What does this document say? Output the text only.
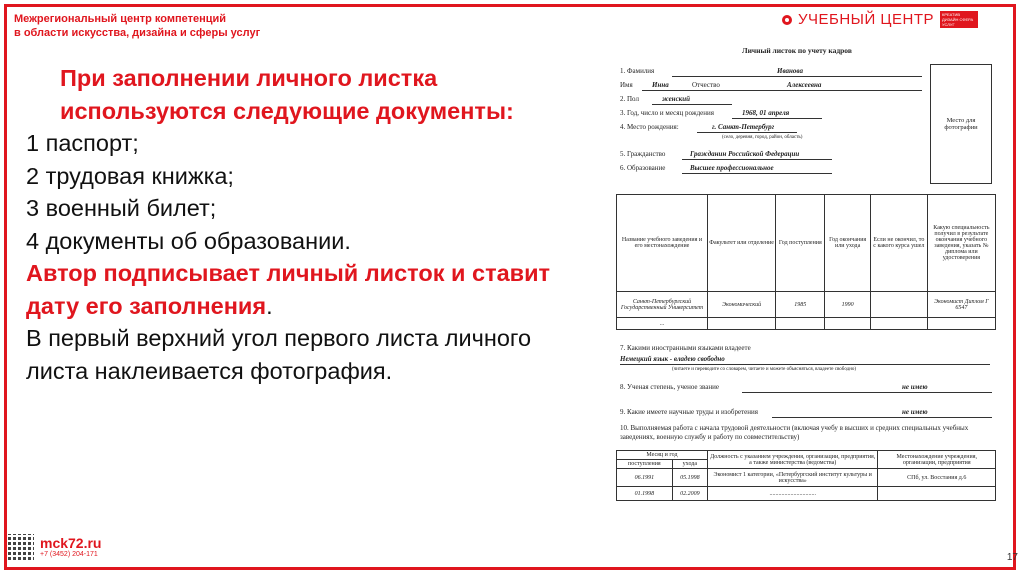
Межрегиональный центр компетенций
в области искусства, дизайна и сферы услуг
УЧЕБНЫЙ ЦЕНТР	КРЕАТИВ ДИЗАЙН СФЕРА УСЛУГ
При заполнении личного листка используются следующие документы:
1 паспорт;
2 трудовая книжка;
3 военный билет;
4 документы об образовании.
Автор подписывает личный листок и ставит дату его заполнения.
В первый верхний угол первого листа личного листа наклеивается фотография.
Личный листок по учету кадров
1. Фамилия	Иванова
Имя	Инна	Отчество	Алексеевна
2. Пол	женский
3. Год, число и месяц рождения	1968, 01 апреля
4. Место рождения:	г. Санкт-Петербург
(село, деревня, город, район, область)
5. Гражданство	Гражданин Российской Федерации
6. Образование	Высшее профессиональное
Место для фотографии
Название учебного заведения и его местонахождение	Факультет или отделение	Год поступления	Год окончания или ухода	Если не окончил, то с какого курса ушел	Какую специальность получил в результате окончания учебного заведения, указать № диплома или удостоверения
Санкт-Петербургский Государственный Университет	Экономический	1985	1990		Экономист Диплом Г 6547
...					
7. Какими иностранными языками владеете
Немецкий язык - владею свободно
(читаете и переводите со словарем, читаете и можете объясняться, владеете свободно)
8. Ученая степень, ученое звание	не имею
9. Какие имеете научные труды и изобретения	не имею
10. Выполняемая работа с начала трудовой деятельности (включая учебу в высших и средних специальных учебных заведениях, военную службу и работу по совместительству)
Месяц и год		Должность с указанием учреждения, организации, предприятия, а также министерства (ведомства)	Местонахождение учреждения, организации, предприятия
поступления	ухода		
06.1991	05.1998	Экономист 1 категории, «Петербургский институт культуры и искусства»	СПб, ул. Восстания д.6
01.1998	02.2009	...............................	
mck72.ru
+7 (3452) 204-171	17
